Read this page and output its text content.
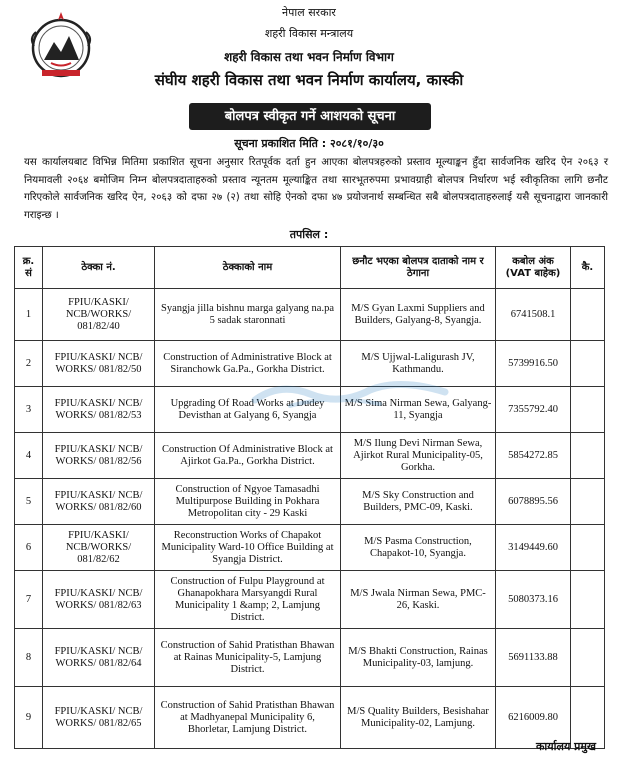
नेपाल सरकार
शहरी विकास मन्त्रालय
शहरी विकास तथा भवन निर्माण विभाग
संघीय शहरी विकास तथा भवन निर्माण कार्यालय, कास्की
बोलपत्र स्वीकृत गर्ने आशयको सूचना
सूचना प्रकाशित मिति : २०८१/१०/३०
यस कार्यालयबाट विभिन्न मितिमा प्रकाशित सूचना अनुसार रितपूर्वक दर्ता हुन आएका बोलपत्रहरुको प्रस्ताव मूल्याङ्कन हुँदा सार्वजनिक खरिद ऐन २०६३ र नियमावली २०६४ बमोजिम निम्न बोलपत्रदाताहरुको प्रस्ताव न्यूनतम मूल्याङ्कित तथा सारभूतरुपमा प्रभावग्राही बोलपत्र निर्धारण भई स्वीकृतिका लागि छनौट गरिएकोले सार्वजनिक खरिद ऐन, २०६३ को दफा २७ (२) तथा सोहि ऐनको दफा ४७ प्रयोजनार्थ सम्बन्धित सबै बोलपत्रदाताहरुलाई यसै सूचनाद्वारा जानकारी गराइन्छ ।
तपसिल :
क्र. सं	ठेक्का नं.	ठेक्काको नाम	छनौट भएका बोलपत्र दाताको नाम र ठेगाना	कबोल अंक (VAT बाहेक)	कै.
1	FPIU/KASKI/ NCB/WORKS/ 081/82/40	Syangja jilla bishnu marga galyang na.pa 5 sadak staronnati	M/S Gyan Laxmi Suppliers and Builders, Galyang-8, Syangja.	6741508.1	
2	FPIU/KASKI/ NCB/ WORKS/ 081/82/50	Construction of Administrative Block at Siranchowk Ga.Pa., Gorkha District.	M/S Ujjwal-Laligurash JV, Kathmandu.	5739916.50	
3	FPIU/KASKI/ NCB/ WORKS/ 081/82/53	Upgrading Of Road Works at Dudey Devisthan at Galyang 6, Syangja	M/S Sima Nirman Sewa, Galyang-11, Syangja	7355792.40	
4	FPIU/KASKI/ NCB/ WORKS/ 081/82/56	Construction Of Administrative Block at Ajirkot Ga.Pa., Gorkha District.	M/S Ilung Devi Nirman Sewa, Ajirkot Rural Municipality-05, Gorkha.	5854272.85	
5	FPIU/KASKI/ NCB/ WORKS/ 081/82/60	Construction of Ngyoe Tamasadhi Multipurpose Building in Pokhara Metropolitan city - 29 Kaski	M/S Sky Construction and Builders, PMC-09, Kaski.	6078895.56	
6	FPIU/KASKI/ NCB/WORKS/ 081/82/62	Reconstruction Works of Chapakot Municipality Ward-10 Office Building at Syangja District.	M/S Pasma Construction, Chapakot-10, Syangja.	3149449.60	
7	FPIU/KASKI/ NCB/ WORKS/ 081/82/63	Construction of Fulpu Playground at Ghanapokhara Marsyangdi Rural Municipality 1 &amp; 2, Lamjung District.	M/S Jwala Nirman Sewa, PMC-26, Kaski.	5080373.16	
8	FPIU/KASKI/ NCB/ WORKS/ 081/82/64	Construction of Sahid Pratisthan Bhawan at Rainas Municipality-5, Lamjung District.	M/S Bhakti Construction, Rainas Municipality-03, lamjung.	5691133.88	
9	FPIU/KASKI/ NCB/ WORKS/ 081/82/65	Construction of Sahid Pratisthan Bhawan at Madhyanepal Municipality 6, Bhorletar, Lamjung District.	M/S Quality Builders, Besishahar Municipality-02, Lamjung.	6216009.80	
कार्यालय प्रमुख
